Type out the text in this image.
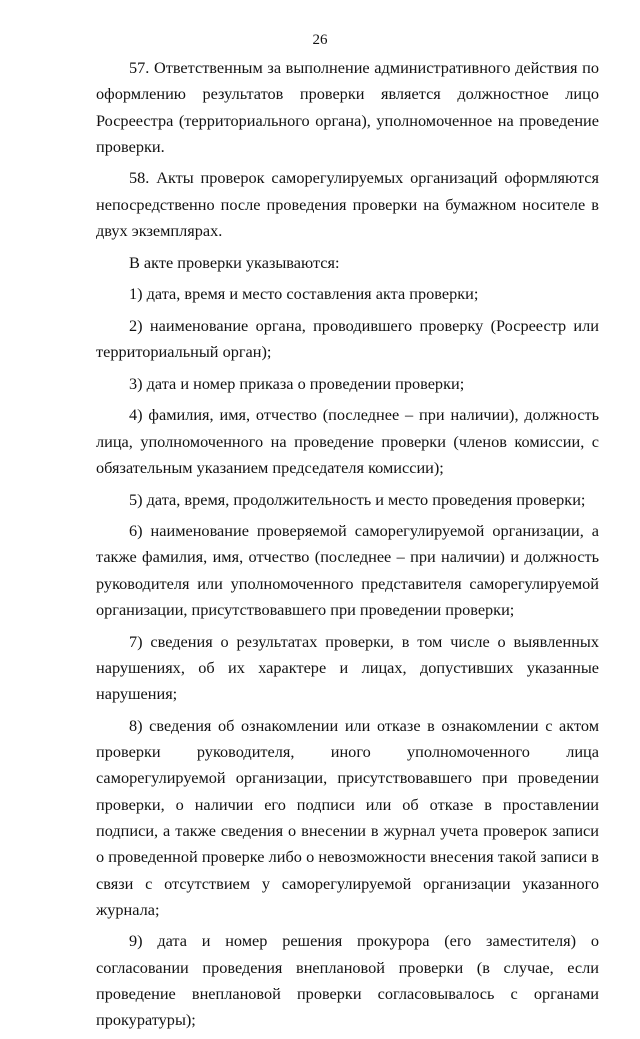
26

57. Ответственным за выполнение административного действия по оформлению результатов проверки является должностное лицо Росреестра (территориального органа), уполномоченное на проведение проверки.

58. Акты проверок саморегулируемых организаций оформляются непосредственно после проведения проверки на бумажном носителе в двух экземплярах.

В акте проверки указываются:

1) дата, время и место составления акта проверки;

2) наименование органа, проводившего проверку (Росреестр или территориальный орган);

3) дата и номер приказа о проведении проверки;

4) фамилия, имя, отчество (последнее – при наличии), должность лица, уполномоченного на проведение проверки (членов комиссии, с обязательным указанием председателя комиссии);

5) дата, время, продолжительность и место проведения проверки;

6) наименование проверяемой саморегулируемой организации, а также фамилия, имя, отчество (последнее – при наличии) и должность руководителя или уполномоченного представителя саморегулируемой организации, присутствовавшего при проведении проверки;

7) сведения о результатах проверки, в том числе о выявленных нарушениях, об их характере и лицах, допустивших указанные нарушения;

8) сведения об ознакомлении или отказе в ознакомлении с актом проверки руководителя, иного уполномоченного лица саморегулируемой организации, присутствовавшего при проведении проверки, о наличии его подписи или об отказе в проставлении подписи, а также сведения о внесении в журнал учета проверок записи о проведенной проверке либо о невозможности внесения такой записи в связи с отсутствием у саморегулируемой организации указанного журнала;

9) дата и номер решения прокурора (его заместителя) о согласовании проведения внеплановой проверки (в случае, если проведение внеплановой проверки согласовывалось с органами прокуратуры);
